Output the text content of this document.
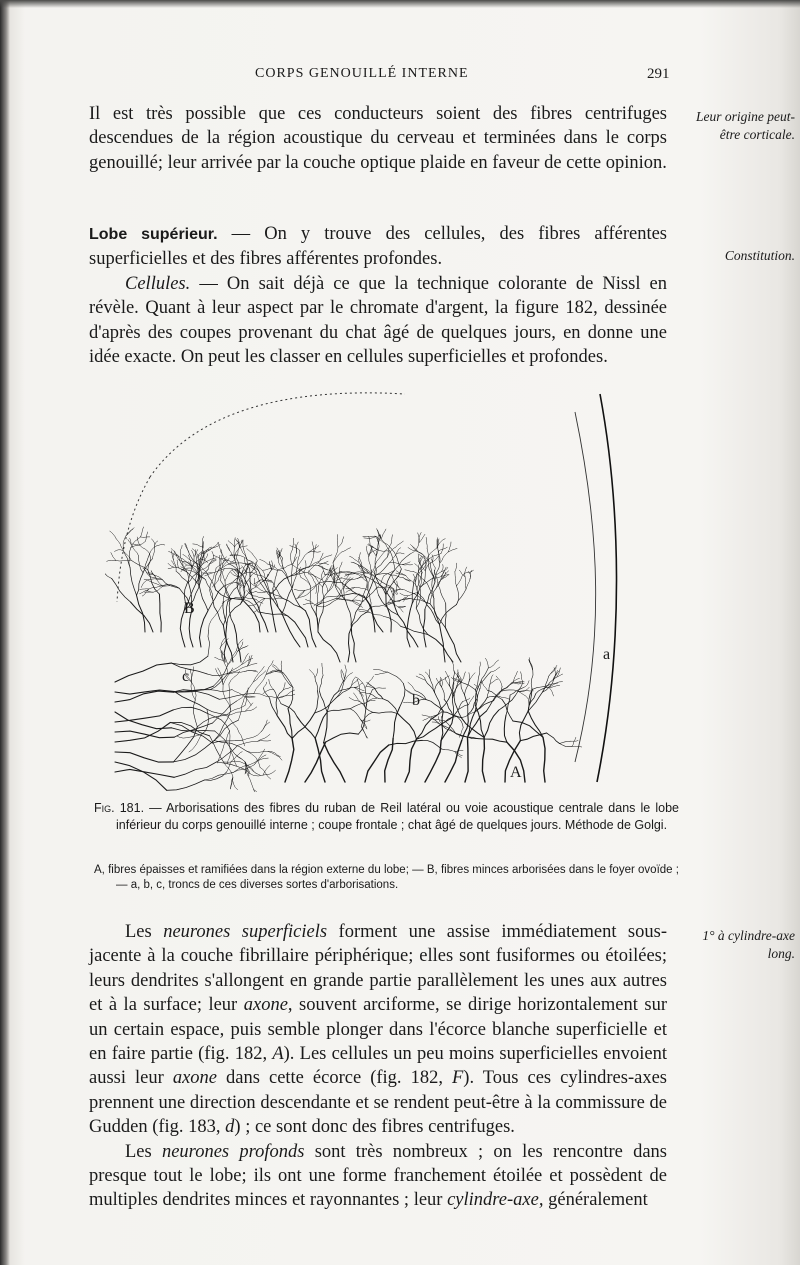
CORPS GENOUILLÉ INTERNE	291

Il est très possible que ces conducteurs soient des fibres centrifuges descendues de la région acoustique du cerveau et terminées dans le corps genouillé; leur arrivée par la couche optique plaide en faveur de cette opinion.

Leur origine peut-être corticale.

Lobe supérieur. — On y trouve des cellules, des fibres afférentes superficielles et des fibres afférentes profondes.

Cellules. — On sait déjà ce que la technique colorante de Nissl en révèle. Quant à leur aspect par le chromate d'argent, la figure 182, dessinée d'après des coupes provenant du chat âgé de quelques jours, en donne une idée exacte. On peut les classer en cellules superficielles et profondes.

Constitution.
B
c
b
a
A

Fig. 181. — Arborisations des fibres du ruban de Reil latéral ou voie acoustique centrale dans le lobe inférieur du corps genouillé interne ; coupe frontale ; chat âgé de quelques jours. Méthode de Golgi.

A, fibres épaisses et ramifiées dans la région externe du lobe; — B, fibres minces arborisées dans le foyer ovoïde ; — a, b, c, troncs de ces diverses sortes d'arborisations.

Les neurones superficiels forment une assise immédiatement sous-jacente à la couche fibrillaire périphérique; elles sont fusiformes ou étoilées; leurs dendrites s'allongent en grande partie parallèlement les unes aux autres et à la surface; leur axone, souvent arciforme, se dirige horizontalement sur un certain espace, puis semble plonger dans l'écorce blanche superficielle et en faire partie (fig. 182, A). Les cellules un peu moins superficielles envoient aussi leur axone dans cette écorce (fig. 182, F). Tous ces cylindres-axes prennent une direction descendante et se rendent peut-être à la commissure de Gudden (fig. 183, d) ; ce sont donc des fibres centrifuges.

Les neurones profonds sont très nombreux ; on les rencontre dans presque tout le lobe; ils ont une forme franchement étoilée et possèdent de multiples dendrites minces et rayonnantes ; leur cylindre-axe, généralement

1° à cylindre-axe long.
